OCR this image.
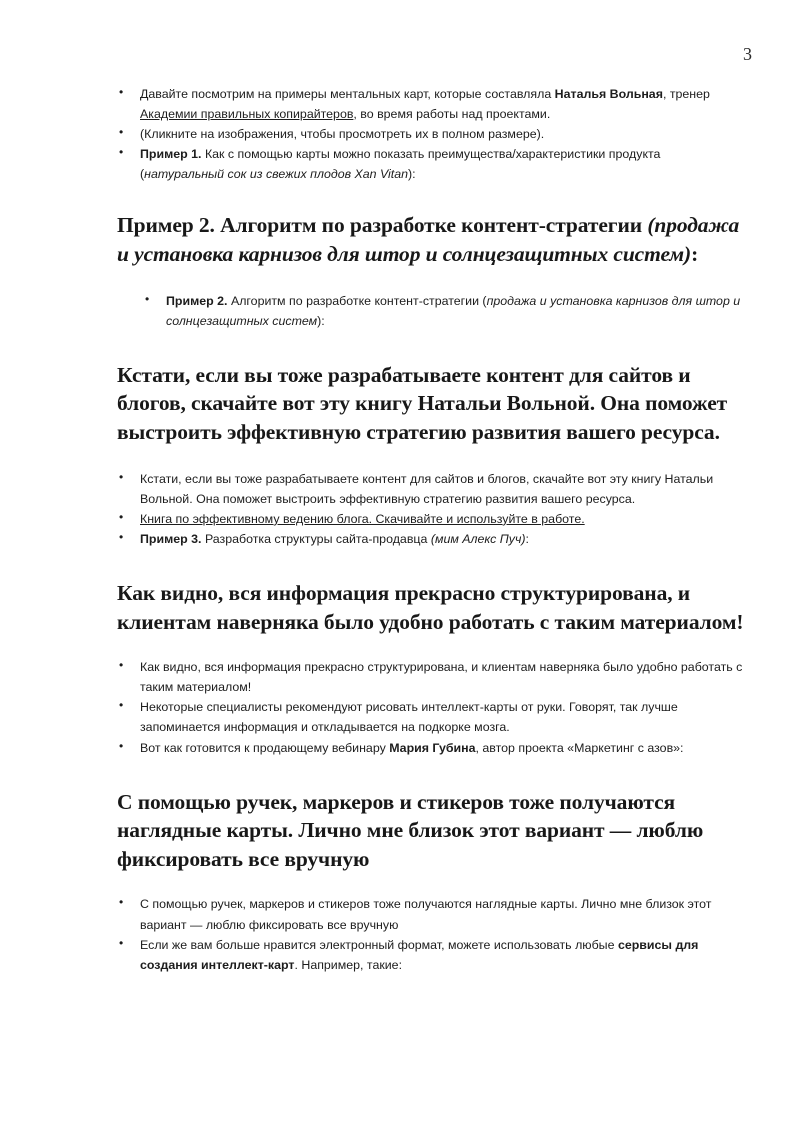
3
• Давайте посмотрим на примеры ментальных карт, которые составляла Наталья Вольная, тренер Академии правильных копирайтеров, во время работы над проектами.
• (Кликните на изображения, чтобы просмотреть их в полном размере).
• Пример 1. Как с помощью карты можно показать преимущества/характеристики продукта (натуральный сок из свежих плодов Xan Vitan):
Пример 2. Алгоритм по разработке контент-стратегии (продажа и установка карнизов для штор и солнцезащитных систем):
• Пример 2. Алгоритм по разработке контент-стратегии (продажа и установка карнизов для штор и солнцезащитных систем):
Кстати, если вы тоже разрабатываете контент для сайтов и блогов, скачайте вот эту книгу Натальи Вольной. Она поможет выстроить эффективную стратегию развития вашего ресурса.
• Кстати, если вы тоже разрабатываете контент для сайтов и блогов, скачайте вот эту книгу Натальи Вольной. Она поможет выстроить эффективную стратегию развития вашего ресурса.
• Книга по эффективному ведению блога. Скачивайте и используйте в работе.
• Пример 3. Разработка структуры сайта-продавца (мим Алекс Пуч):
Как видно, вся информация прекрасно структурирована, и клиентам наверняка было удобно работать с таким материалом!
• Как видно, вся информация прекрасно структурирована, и клиентам наверняка было удобно работать с таким материалом!
• Некоторые специалисты рекомендуют рисовать интеллект-карты от руки. Говорят, так лучше запоминается информация и откладывается на подкорке мозга.
• Вот как готовится к продающему вебинару Мария Губина, автор проекта «Маркетинг с азов»:
С помощью ручек, маркеров и стикеров тоже получаются наглядные карты. Лично мне близок этот вариант — люблю фиксировать все вручную
• С помощью ручек, маркеров и стикеров тоже получаются наглядные карты. Лично мне близок этот вариант — люблю фиксировать все вручную
• Если же вам больше нравится электронный формат, можете использовать любые сервисы для создания интеллект-карт. Например, такие:
